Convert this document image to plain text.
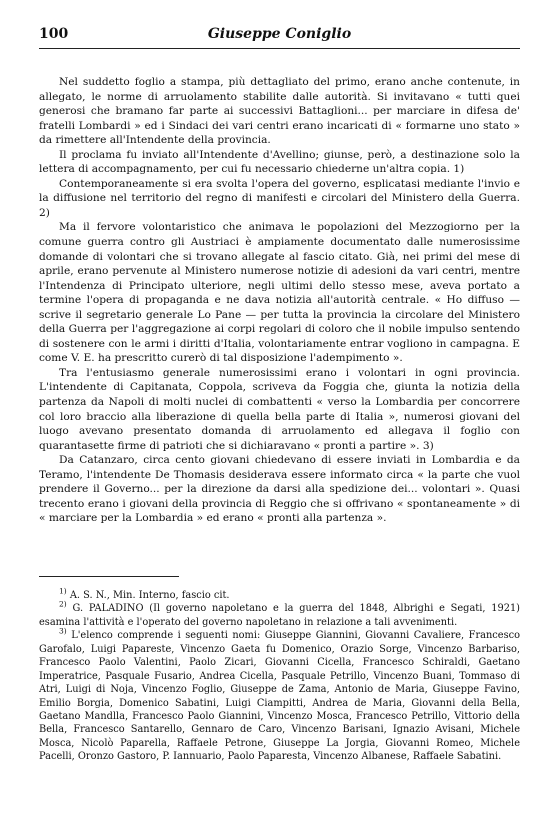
100	Giuseppe Coniglio

Nel suddetto foglio a stampa, più dettagliato del primo, erano anche contenute, in allegato, le norme di arruolamento stabilite dalle autorità. Si invitavano « tutti quei generosi che bramano far parte ai successivi Battaglioni... per marciare in difesa de' fratelli Lombardi » ed i Sindaci dei vari centri erano incaricati di « formarne uno stato » da rimettere all'Intendente della provincia.

Il proclama fu inviato all'Intendente d'Avellino; giunse, però, a destinazione solo la lettera di accompagnamento, per cui fu necessario chiederne un'altra copia. 1)

Contemporaneamente si era svolta l'opera del governo, esplicatasi mediante l'invio e la diffusione nel territorio del regno di manifesti e circolari del Ministero della Guerra. 2)

Ma il fervore volontaristico che animava le popolazioni del Mezzogiorno per la comune guerra contro gli Austriaci è ampiamente documentato dalle numerosissime domande di volontari che si trovano allegate al fascio citato. Già, nei primi del mese di aprile, erano pervenute al Ministero numerose notizie di adesioni da vari centri, mentre l'Intendenza di Principato ulteriore, negli ultimi dello stesso mese, aveva portato a termine l'opera di propaganda e ne dava notizia all'autorità centrale. « Ho diffuso — scrive il segretario generale Lo Pane — per tutta la provincia la circolare del Ministero della Guerra per l'aggregazione ai corpi regolari di coloro che il nobile impulso sentendo di sostenere con le armi i diritti d'Italia, volontariamente entrar vogliono in campagna. E come V. E. ha prescritto curerò di tal disposizione l'adempimento ».

Tra l'entusiasmo generale numerosissimi erano i volontari in ogni provincia. L'intendente di Capitanata, Coppola, scriveva da Foggia che, giunta la notizia della partenza da Napoli di molti nuclei di combattenti « verso la Lombardia per concorrere col loro braccio alla liberazione di quella bella parte di Italia », numerosi giovani del luogo avevano presentato domanda di arruolamento ed allegava il foglio con quarantasette firme di patrioti che si dichiaravano « pronti a partire ». 3)

Da Catanzaro, circa cento giovani chiedevano di essere inviati in Lombardia e da Teramo, l'intendente De Thomasis desiderava essere informato circa « la parte che vuol prendere il Governo... per la direzione da darsi alla spedizione dei... volontari ». Quasi trecento erano i giovani della provincia di Reggio che si offrivano « spontaneamente » di « marciare per la Lombardia » ed erano « pronti alla partenza ».

$^{1)}$ A. S. N., Min. Interno, fascio cit.

$^{2)}$ G. PALADINO (Il governo napoletano e la guerra del 1848, Albrighi e Segati, 1921) esamina l'attività e l'operato del governo napoletano in relazione a tali avvenimenti.

$^{3)}$ L'elenco comprende i seguenti nomi: Giuseppe Giannini, Giovanni Cavaliere, Francesco Garofalo, Luigi Papareste, Vincenzo Gaeta fu Domenico, Orazio Sorge, Vincenzo Barbariso, Francesco Paolo Valentini, Paolo Zicari, Giovanni Cicella, Francesco Schiraldi, Gaetano Imperatrice, Pasquale Fusario, Andrea Cicella, Pasquale Petrillo, Vincenzo Buani, Tommaso di Atri, Luigi di Noja, Vincenzo Foglio, Giuseppe de Zama, Antonio de Maria, Giuseppe Favino, Emilio Borgia, Domenico Sabatini, Luigi Ciampitti, Andrea de Maria, Giovanni della Bella, Gaetano Mandlla, Francesco Paolo Giannini, Vincenzo Mosca, Francesco Petrillo, Vittorio della Bella, Francesco Santarello, Gennaro de Caro, Vincenzo Barisani, Ignazio Avisani, Michele Mosca, Nicolò Paparella, Raffaele Petrone, Giuseppe La Jorgia, Giovanni Romeo, Michele Pacelli, Oronzo Gastoro, P. Iannuario, Paolo Paparesta, Vincenzo Albanese, Raffaele Sabatini.
